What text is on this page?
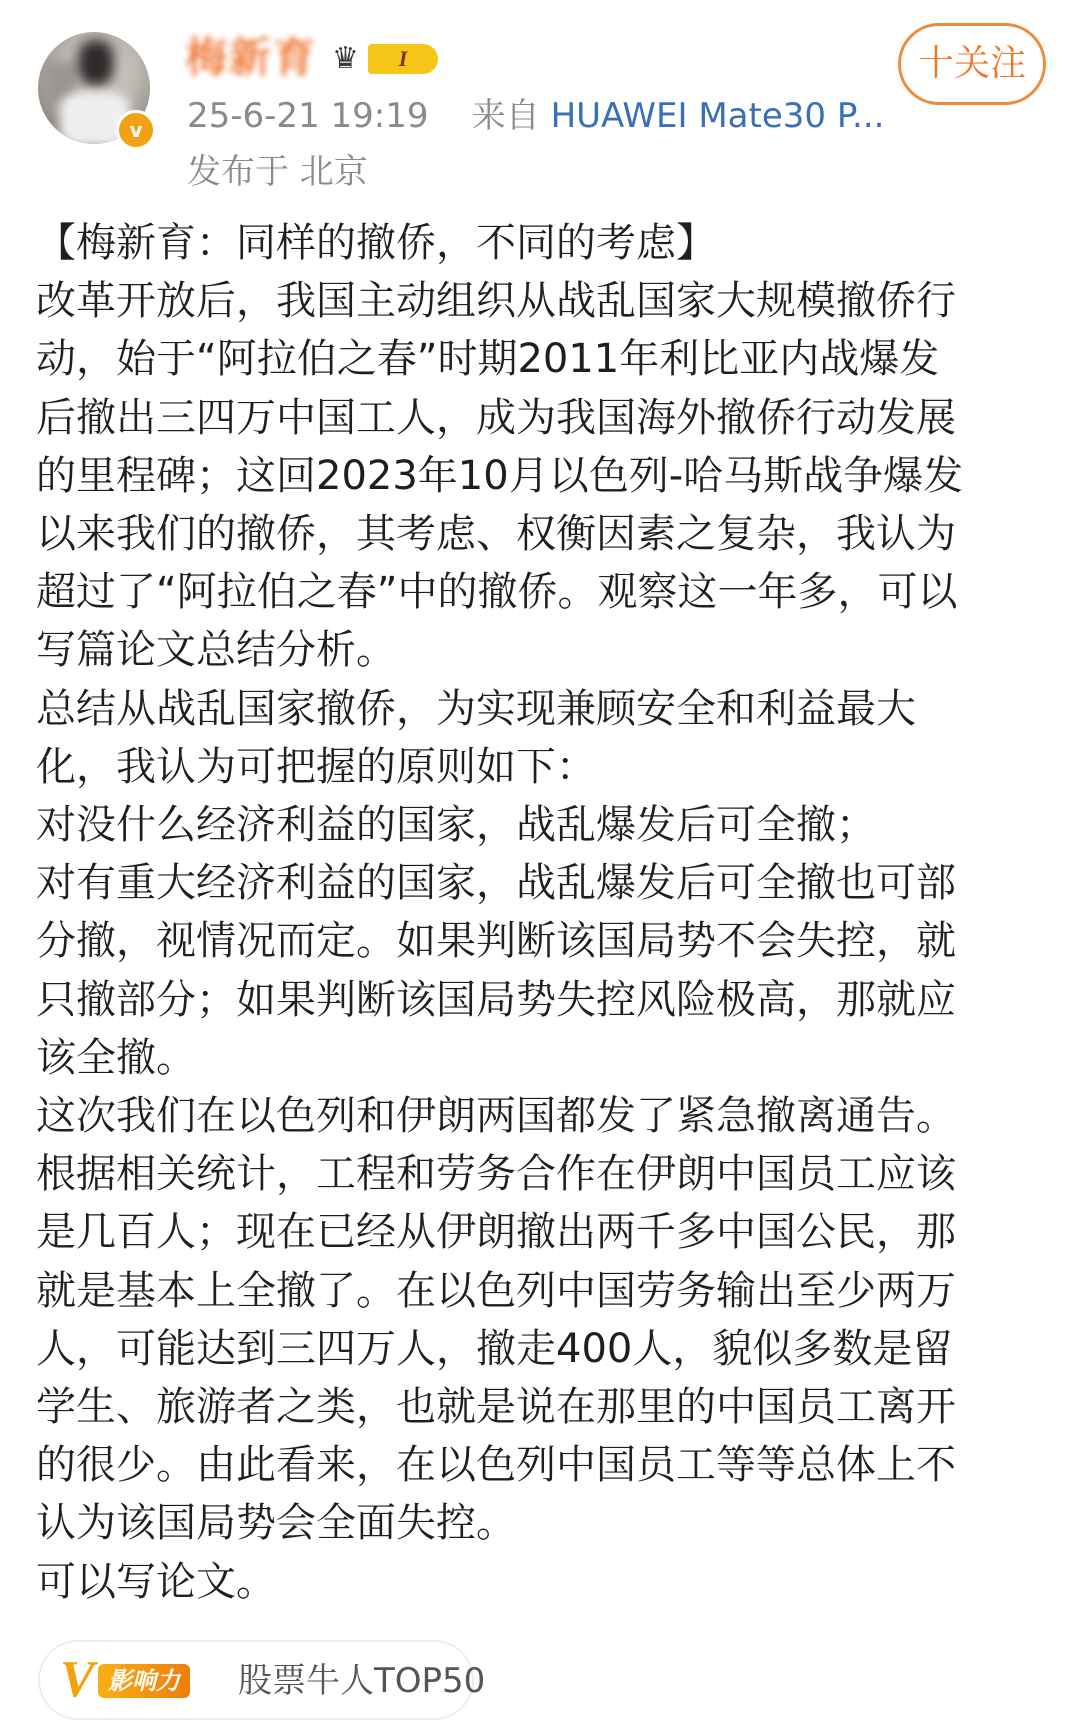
v
梅新育 ♛	I
25-6-21 19:19 来自 HUAWEI Mate30 P...
发布于 北京
十关注
【梅新育：同样的撤侨，不同的考虑】
改革开放后，我国主动组织从战乱国家大规模撤侨行
动，始于“阿拉伯之春”时期2011年利比亚内战爆发
后撤出三四万中国工人，成为我国海外撤侨行动发展
的里程碑；这回2023年10月以色列-哈马斯战争爆发
以来我们的撤侨，其考虑、权衡因素之复杂，我认为
超过了“阿拉伯之春”中的撤侨。观察这一年多，可以
写篇论文总结分析。
总结从战乱国家撤侨，为实现兼顾安全和利益最大
化，我认为可把握的原则如下：
对没什么经济利益的国家，战乱爆发后可全撤；
对有重大经济利益的国家，战乱爆发后可全撤也可部
分撤，视情况而定。如果判断该国局势不会失控，就
只撤部分；如果判断该国局势失控风险极高，那就应
该全撤。
这次我们在以色列和伊朗两国都发了紧急撤离通告。
根据相关统计，工程和劳务合作在伊朗中国员工应该
是几百人；现在已经从伊朗撤出两千多中国公民，那
就是基本上全撤了。在以色列中国劳务输出至少两万
人，可能达到三四万人，撤走400人，貌似多数是留
学生、旅游者之类，也就是说在那里的中国员工离开
的很少。由此看来，在以色列中国员工等等总体上不
认为该国局势会全面失控。
可以写论文。
V 影响力 股票牛人TOP50
